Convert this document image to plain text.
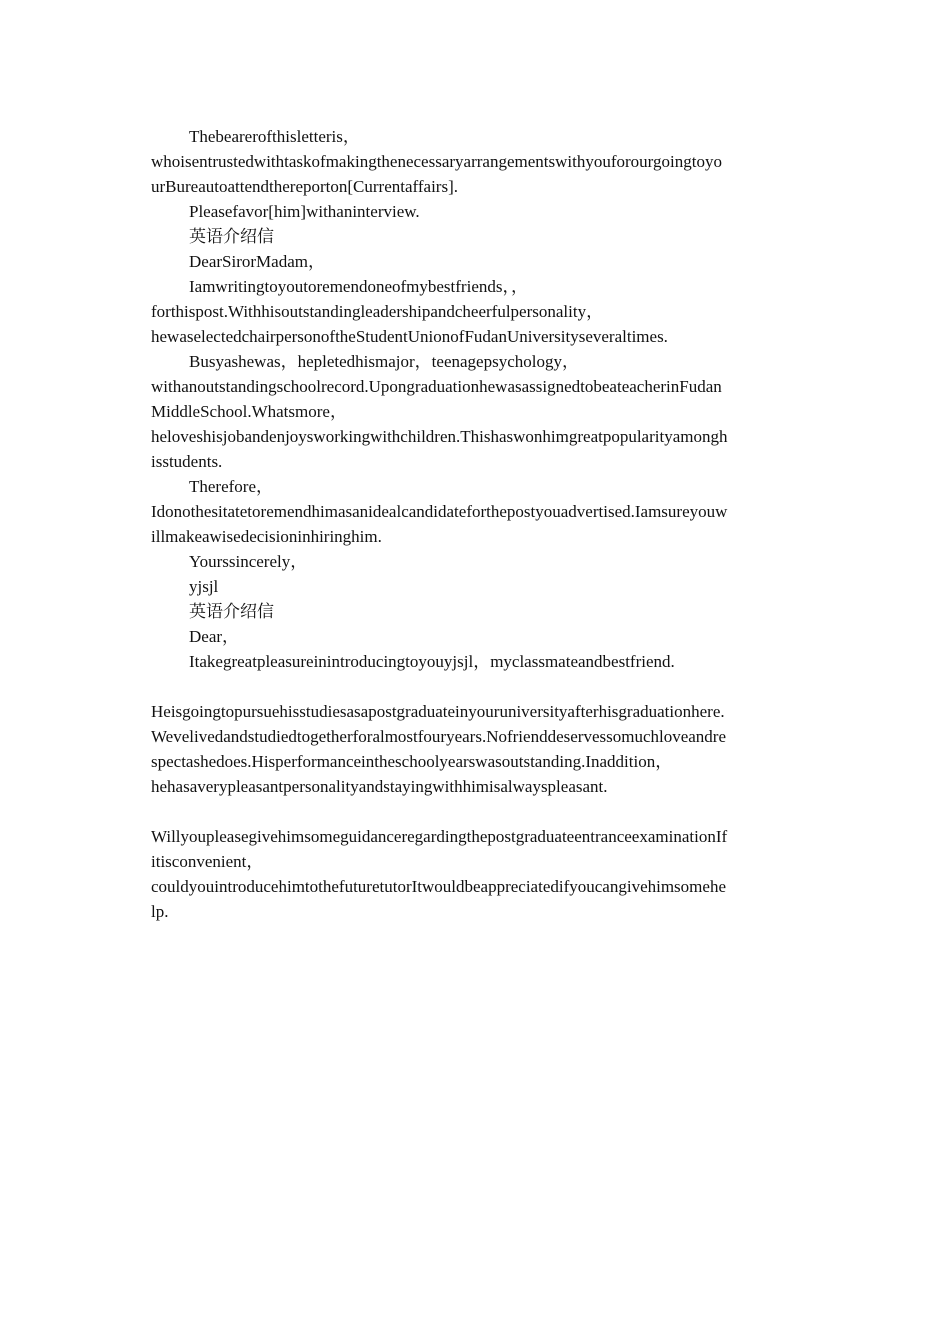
Thebearerofthisletteris，
whoisentrustedwithtaskofmakingthenecessaryarrangementswithyouforourgoingtoyo
urBureautoattendthereporton[Currentaffairs].
Pleasefavor[him]withaninterview.
英语介绍信
DearSirorMadam，
Iamwritingtoyoutoremendoneofmybestfriends，，
forthispost.Withhisoutstandingleadershipandcheerfulpersonality，
hewaselectedchairpersonoftheStudentUnionofFudanUniversityseveraltimes.
Busyashewas，hepletedhismajor，teenagepsychology，
withanoutstandingschoolrecord.UpongraduationhewasassignedtobeateacherinFudan
MiddleSchool.Whatsmore，
heloveshisjobandenjoysworkingwithchildren.Thishaswonhimgreatpopularityamongh
isstudents.
Therefore，
Idonothesitatetoremendhimasanidealcandidateforthepostyouadvertised.Iamsureyouw
illmakeawisedecisioninhiringhim.
Yourssincerely，
yjsjl
英语介绍信
Dear，
Itakegreatpleasureinintroducingtoyouyjsjl，myclassmateandbestfriend.
Heisgoingtopursuehisstudiesasapostgraduateinyouruniversityafterhisgraduationhere.
Wevelivedandstudiedtogetherforalmostfouryears.Nofrienddeservessomuchloveandre
spectashedoes.Hisperformanceintheschoolyearswasoutstanding.Inaddition，
hehasaverypleasantpersonalityandstayingwithhimisalwayspleasant.
WillyoupleasegivehimsomeguidanceregardingthepostgraduateentranceexaminationIf
itisconvenient，
couldyouintroducehimtothefuturetutorItwouldbeappreciatedifyoucangivehimsomehe
lp.
